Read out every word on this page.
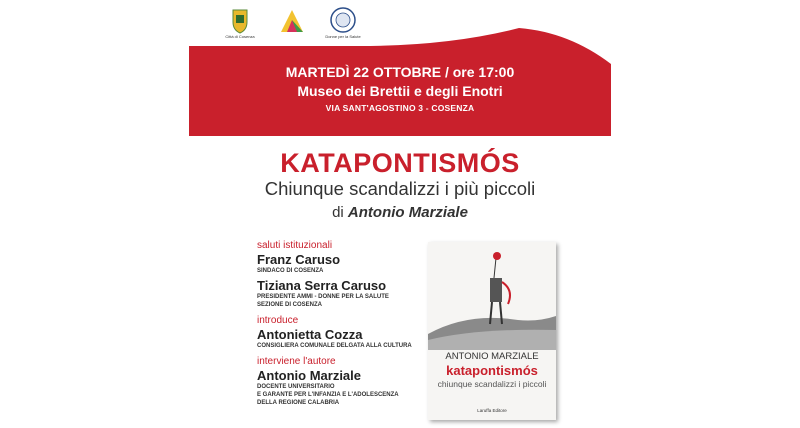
Città di Cosenza	Donne per la Salute
MARTEDÌ 22 OTTOBRE / ore 17:00
Museo dei Brettii e degli Enotri
VIA SANT'AGOSTINO 3 - COSENZA
KATAPONTISMÓS
Chiunque scandalizzi i più piccoli
di Antonio Marziale
saluti istituzionali
Franz Caruso
SINDACO DI COSENZA
Tiziana Serra Caruso
PRESIDENTE AMMI - DONNE PER LA SALUTE
SEZIONE DI COSENZA
introduce
Antonietta Cozza
CONSIGLIERA COMUNALE DELGATA ALLA CULTURA
interviene l'autore
Antonio Marziale
DOCENTE UNIVERSITARIO
E GARANTE PER L'INFANZIA E L'ADOLESCENZA
DELLA REGIONE CALABRIA
ANTONIO MARZIALE
katapontismós
chiunque scandalizzi i piccoli
Laruffa Editore
